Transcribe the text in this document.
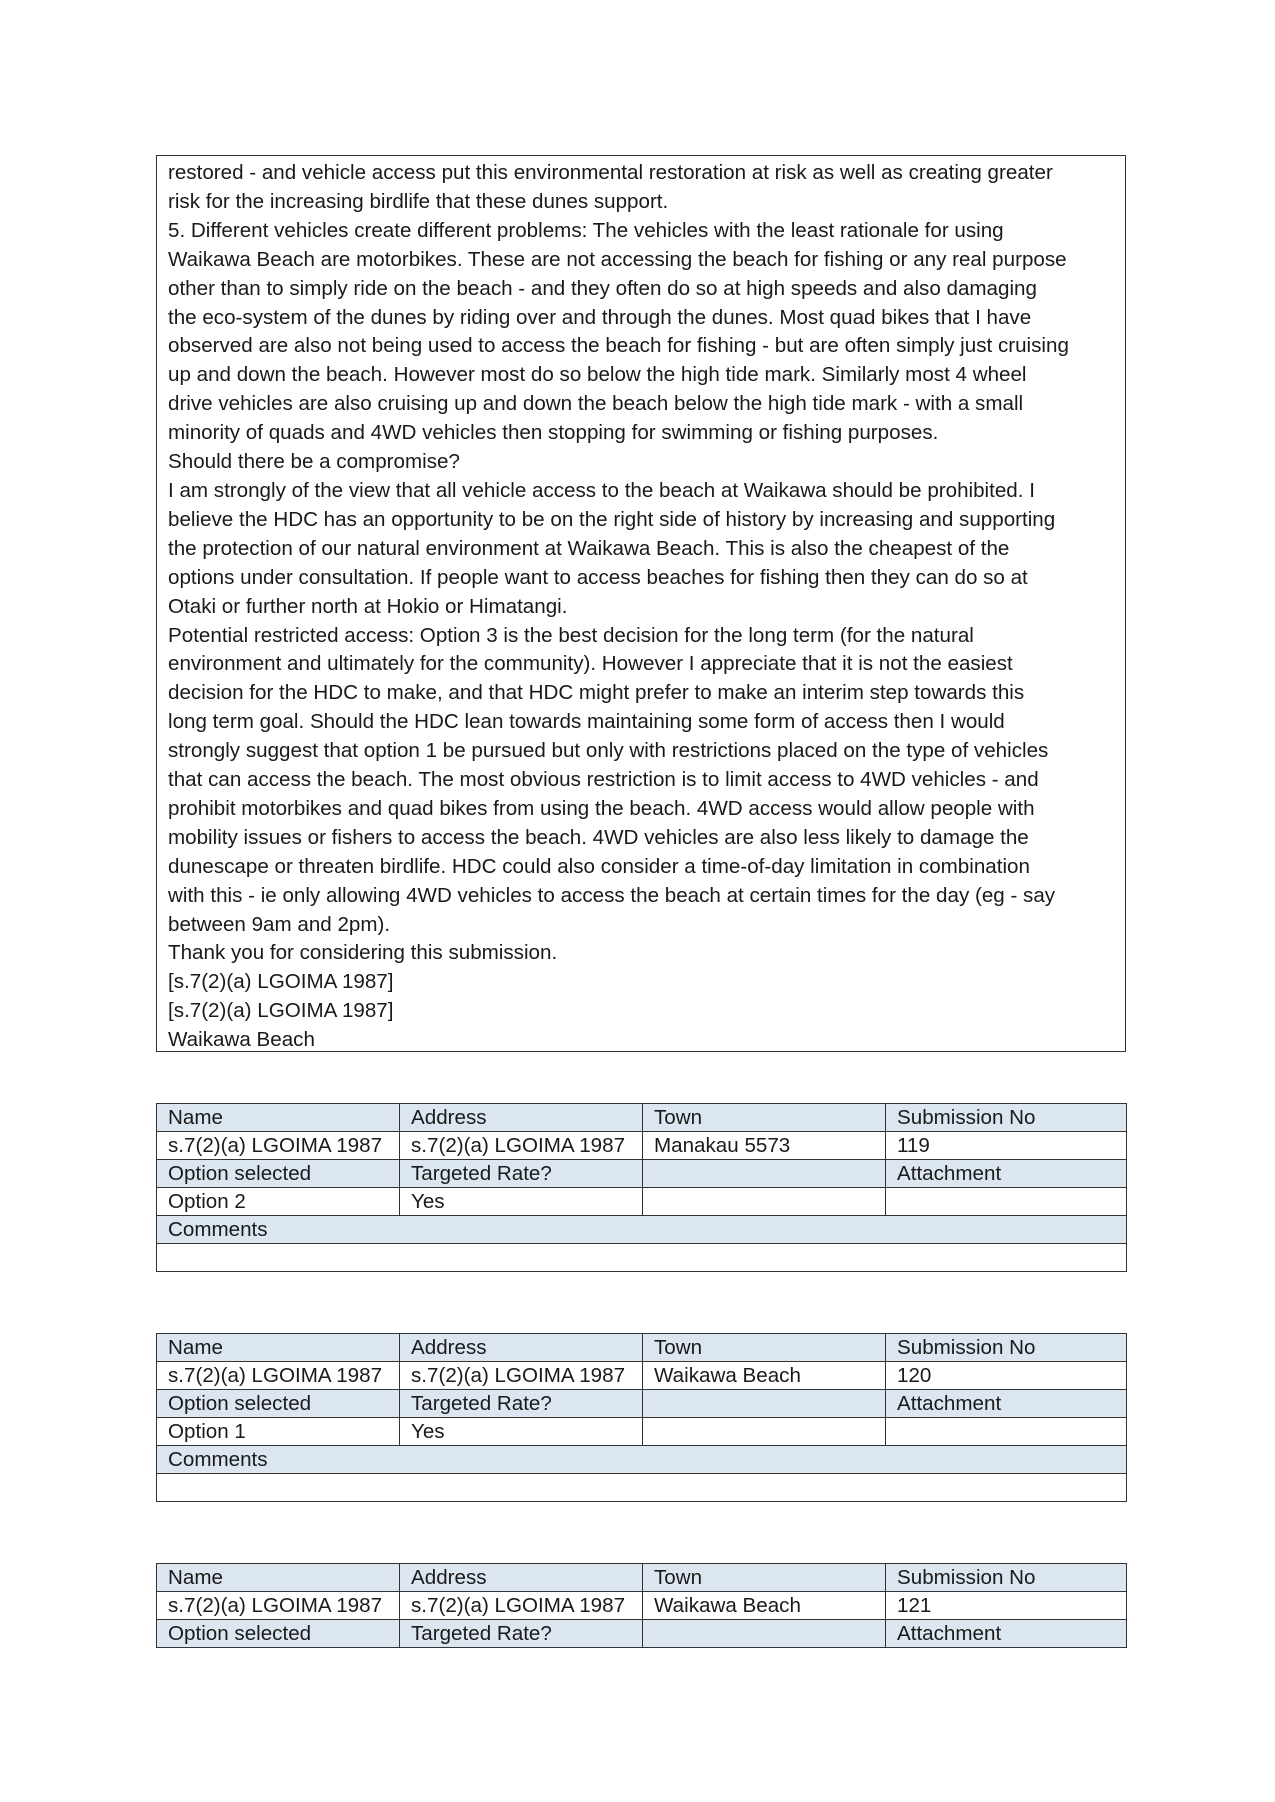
restored - and vehicle access put this environmental restoration at risk as well as creating greater
risk for the increasing birdlife that these dunes support.
5. Different vehicles create different problems: The vehicles with the least rationale for using
Waikawa Beach are motorbikes. These are not accessing the beach for fishing or any real purpose
other than to simply ride on the beach - and they often do so at high speeds and also damaging
the eco-system of the dunes by riding over and through the dunes. Most quad bikes that I have
observed are also not being used to access the beach for fishing - but are often simply just cruising
up and down the beach. However most do so below the high tide mark. Similarly most 4 wheel
drive vehicles are also cruising up and down the beach below the high tide mark - with a small
minority of quads and 4WD vehicles then stopping for swimming or fishing purposes.
Should there be a compromise?
I am strongly of the view that all vehicle access to the beach at Waikawa should be prohibited. I
believe the HDC has an opportunity to be on the right side of history by increasing and supporting
the protection of our natural environment at Waikawa Beach. This is also the cheapest of the
options under consultation. If people want to access beaches for fishing then they can do so at
Otaki or further north at Hokio or Himatangi.
Potential restricted access: Option 3 is the best decision for the long term (for the natural
environment and ultimately for the community). However I appreciate that it is not the easiest
decision for the HDC to make, and that HDC might prefer to make an interim step towards this
long term goal. Should the HDC lean towards maintaining some form of access then I would
strongly suggest that option 1 be pursued but only with restrictions placed on the type of vehicles
that can access the beach. The most obvious restriction is to limit access to 4WD vehicles - and
prohibit motorbikes and quad bikes from using the beach. 4WD access would allow people with
mobility issues or fishers to access the beach. 4WD vehicles are also less likely to damage the
dunescape or threaten birdlife. HDC could also consider a time-of-day limitation in combination
with this - ie only allowing 4WD vehicles to access the beach at certain times for the day (eg - say
between 9am and 2pm).
Thank you for considering this submission.
[s.7(2)(a) LGOIMA 1987]
[s.7(2)(a) LGOIMA 1987]
Waikawa Beach
Name	Address	Town	Submission No
s.7(2)(a) LGOIMA 1987	s.7(2)(a) LGOIMA 1987	Manakau 5573	119
Option selected	Targeted Rate?		Attachment
Option 2	Yes		
Comments			

Name	Address	Town	Submission No
s.7(2)(a) LGOIMA 1987	s.7(2)(a) LGOIMA 1987	Waikawa Beach	120
Option selected	Targeted Rate?		Attachment
Option 1	Yes		
Comments			

Name	Address	Town	Submission No
s.7(2)(a) LGOIMA 1987	s.7(2)(a) LGOIMA 1987	Waikawa Beach	121
Option selected	Targeted Rate?		Attachment
